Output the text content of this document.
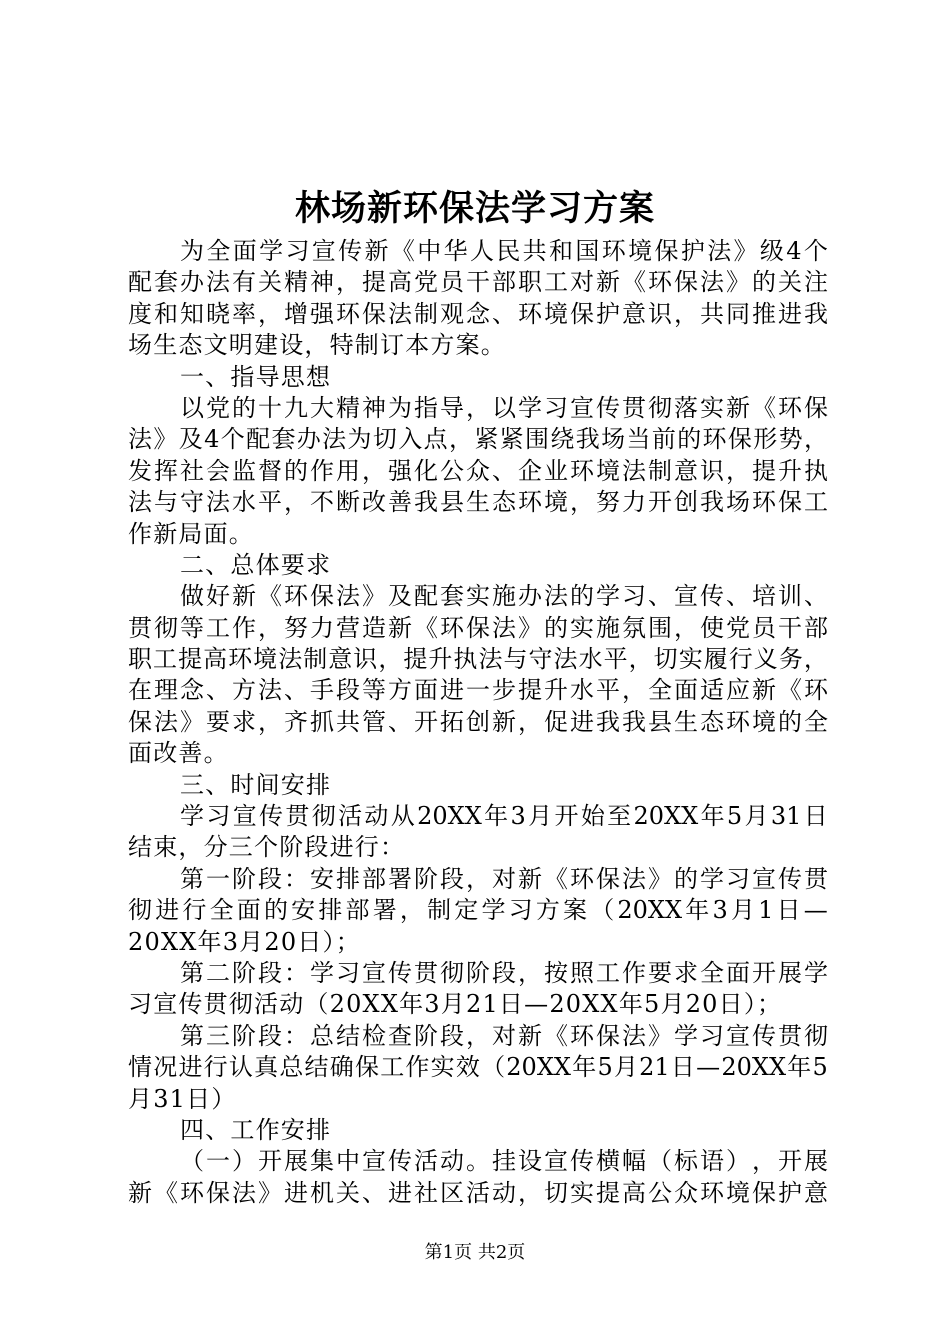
林场新环保法学习方案
为 全 面 学 习 宣 传 新 《 中 华 人 民 共 和 国 环 境 保 护 法 》 级 4 个
配 套 办 法 有 关 精 神 ， 提 高 党 员 干 部 职 工 对 新 《 环 保 法 》 的 关 注
度 和 知 晓 率 ， 增 强 环 保 法 制 观 念 、 环 境 保 护 意 识 ， 共 同 推 进 我
场生态文明建设，特制订本方案。
一、指导思想
以 党 的 十 九 大 精 神 为 指 导 ， 以 学 习 宣 传 贯 彻 落 实 新 《 环 保
法 》 及 4 个 配 套 办 法 为 切 入 点 ， 紧 紧 围 绕 我 场 当 前 的 环 保 形 势 ，
发 挥 社 会 监 督 的 作 用 ， 强 化 公 众 、 企 业 环 境 法 制 意 识 ， 提 升 执
法 与 守 法 水 平 ， 不 断 改 善 我 县 生 态 环 境 ， 努 力 开 创 我 场 环 保 工
作新局面。
二、总体要求
做 好 新 《 环 保 法 》 及 配 套 实 施 办 法 的 学 习 、 宣 传 、 培 训 、
贯 彻 等 工 作 ， 努 力 营 造 新 《 环 保 法 》 的 实 施 氛 围 ， 使 党 员 干 部
职 工 提 高 环 境 法 制 意 识 ， 提 升 执 法 与 守 法 水 平 ， 切 实 履 行 义 务 ，
在 理 念 、 方 法 、 手 段 等 方 面 进 一 步 提 升 水 平 ， 全 面 适 应 新 《 环
保 法 》 要 求 ， 齐 抓 共 管 、 开 拓 创 新 ， 促 进 我 我 县 生 态 环 境 的 全
面改善。
三、时间安排
学 习 宣 传 贯 彻 活 动 从 20XX 年 3 月 开 始 至 20XX 年 5 月 31 日
结束，分三个阶段进行：
第 一 阶 段 ： 安 排 部 署 阶 段 ， 对 新 《 环 保 法 》 的 学 习 宣 传 贯
彻 进 行 全 面 的 安 排 部 署 ， 制 定 学 习 方 案 （ 20XX 年 3 月 1 日 —
20XX年3月20日）；
第 二 阶 段 ： 学 习 宣 传 贯 彻 阶 段 ， 按 照 工 作 要 求 全 面 开 展 学
习宣传贯彻活动（20XX年3月21日—20XX年5月20日）；
第 三 阶 段 ： 总 结 检 查 阶 段 ， 对 新 《 环 保 法 》 学 习 宣 传 贯 彻
情 况 进 行 认 真 总 结 确 保 工 作 实 效 （ 20XX 年 5 月 21 日 — 20XX 年 5
月31日）
四、工作安排
（ 一 ） 开 展 集 中 宣 传 活 动 。 挂 设 宣 传 横 幅 （ 标 语 ） ， 开 展
新 《 环 保 法 》 进 机 关 、 进 社 区 活 动 ， 切 实 提 高 公 众 环 境 保 护 意
第1页 共2页
